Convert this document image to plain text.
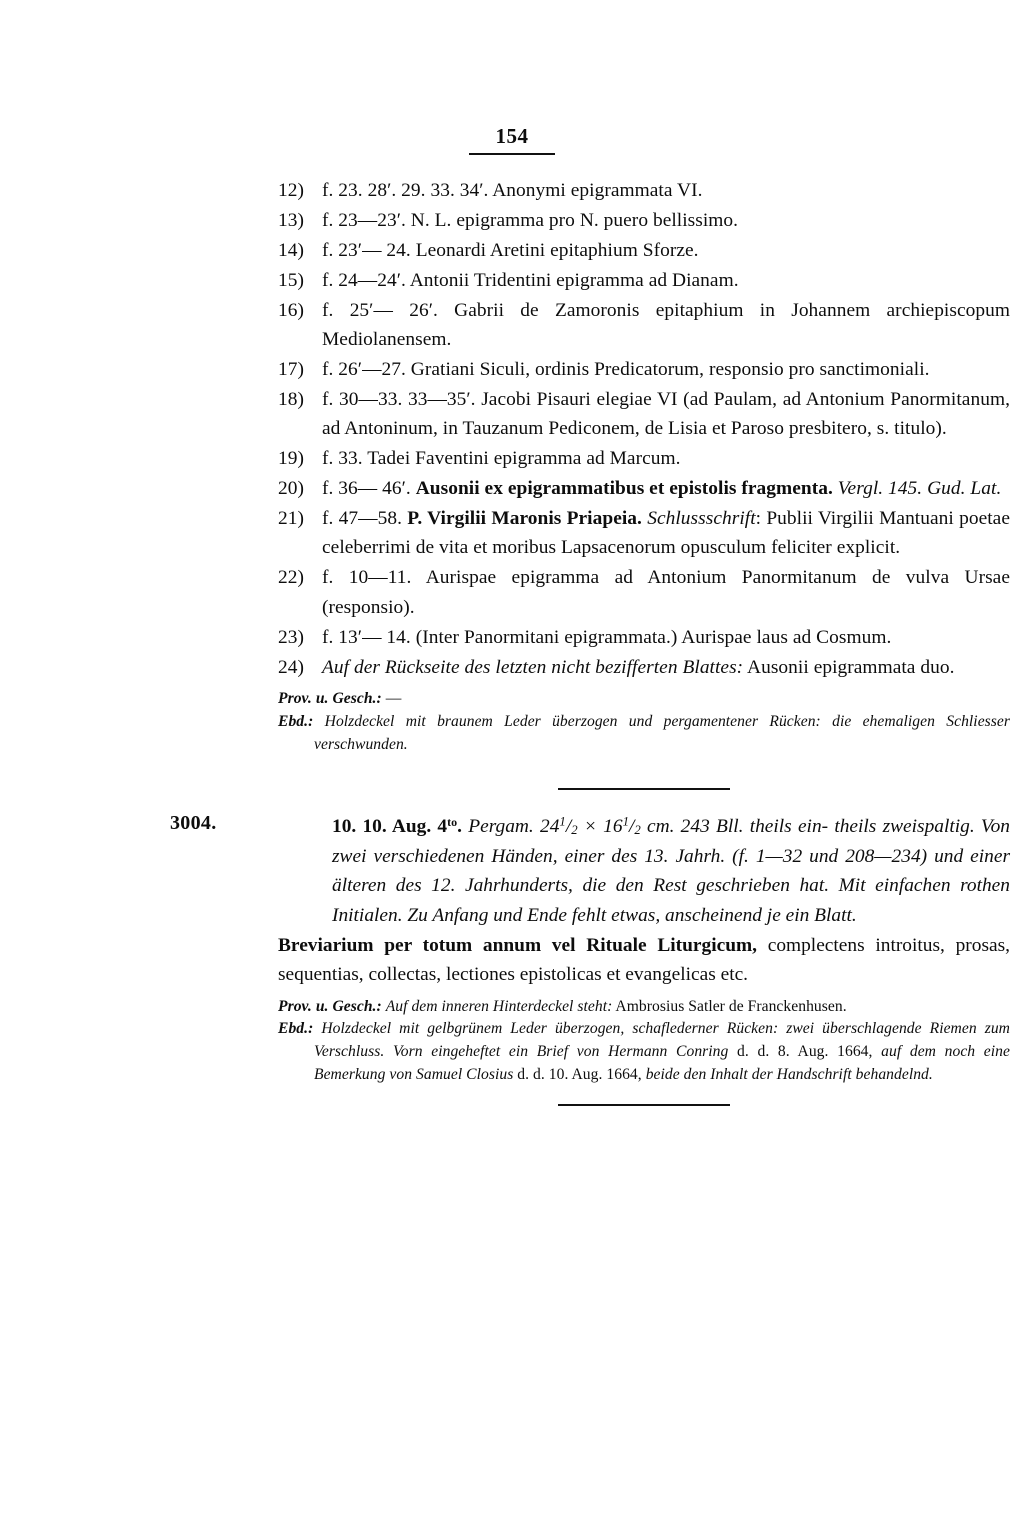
154

12) f. 23. 28′. 29. 33. 34′. Anonymi epigrammata VI.

13) f. 23—23′. N. L. epigramma pro N. puero bellissimo.

14) f. 23′— 24. Leonardi Aretini epitaphium Sforze.

15) f. 24—24′. Antonii Tridentini epigramma ad Dianam.

16) f. 25′— 26′. Gabrii de Zamoronis epitaphium in Johannem archiepiscopum Mediolanensem.

17) f. 26′—27. Gratiani Siculi, ordinis Predicatorum, responsio pro sanctimoniali.

18) f. 30—33. 33—35′. Jacobi Pisauri elegiae VI (ad Paulam, ad Antonium Panormitanum, ad Antoninum, in Tauzanum Pediconem, de Lisia et Paroso presbitero, s. titulo).

19) f. 33. Tadei Faventini epigramma ad Marcum.

20) f. 36— 46′. Ausonii ex epigrammatibus et epistolis fragmenta. Vergl. 145. Gud. Lat.

21) f. 47—58. P. Virgilii Maronis Priapeia. Schlussschrift: Publii Virgilii Mantuani poetae celeberrimi de vita et moribus Lapsacenorum opusculum feliciter explicit.

22) f. 10—11. Aurispae epigramma ad Antonium Panormitanum de vulva Ursae (responsio).

23) f. 13′— 14. (Inter Panormitani epigrammata.) Aurispae laus ad Cosmum.

24) Auf der Rückseite des letzten nicht bezifferten Blattes: Ausonii epigrammata duo.

Prov. u. Gesch.: —

Ebd.: Holzdeckel mit braunem Leder überzogen und pergamentener Rücken: die ehemaligen Schliesser verschwunden.

3004.	10. 10. Aug. $4^{to}$. Pergam. $24^1/_2 \times 16^1/_2$ cm. 243 Bll. theils ein- theils zweispaltig. Von zwei verschiedenen Händen, einer des 13. Jahrh. (f. 1—32 und 208—234) und einer älteren des 12. Jahrhunderts, die den Rest geschrieben hat. Mit einfachen rothen Initialen. Zu Anfang und Ende fehlt etwas, anscheinend je ein Blatt.

Breviarium per totum annum vel Rituale Liturgicum, complectens introitus, prosas, sequentias, collectas, lectiones epistolicas et evangelicas etc.

Prov. u. Gesch.: Auf dem inneren Hinterdeckel steht: Ambrosius Satler de Franckenhusen.

Ebd.: Holzdeckel mit gelbgrünem Leder überzogen, schaflederner Rücken: zwei überschlagende Riemen zum Verschluss. Vorn eingeheftet ein Brief von Hermann Conring d. d. 8. Aug. 1664, auf dem noch eine Bemerkung von Samuel Closius d. d. 10. Aug. 1664, beide den Inhalt der Handschrift behandelnd.
